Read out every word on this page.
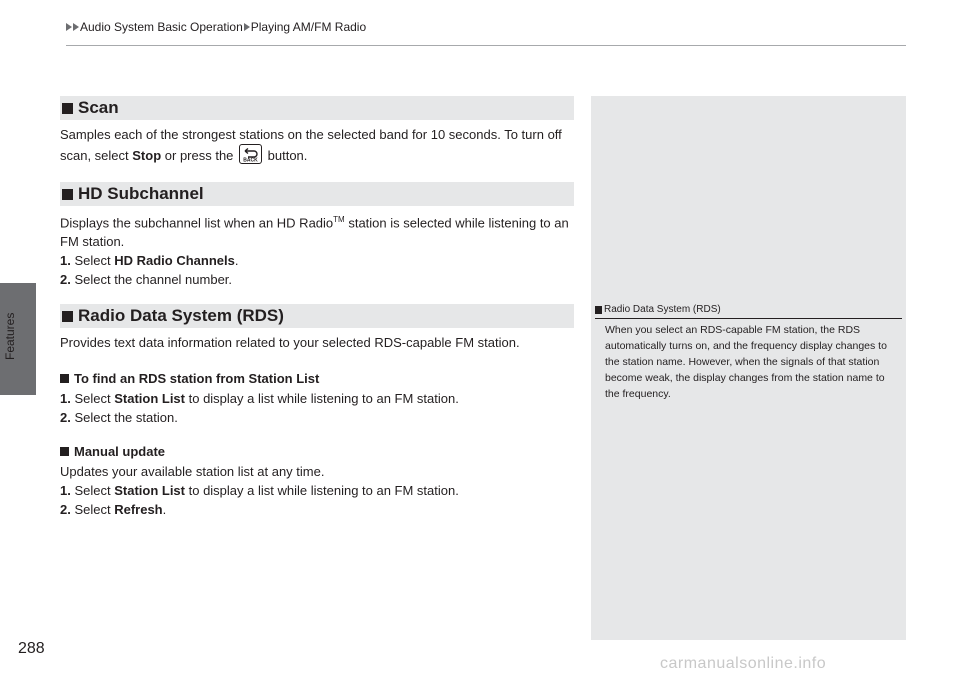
Audio System Basic Operation Playing AM/FM Radio
Features
Scan
Samples each of the strongest stations on the selected band for 10 seconds. To turn off scan, select Stop or press the BACK button.
HD Subchannel
Displays the subchannel list when an HD Radio™ station is selected while listening to an FM station.
1. Select HD Radio Channels.
2. Select the channel number.
Radio Data System (RDS)
Provides text data information related to your selected RDS-capable FM station.
To find an RDS station from Station List
1. Select Station List to display a list while listening to an FM station.
2. Select the station.
Manual update
Updates your available station list at any time.
1. Select Station List to display a list while listening to an FM station.
2. Select Refresh.
Radio Data System (RDS)
When you select an RDS-capable FM station, the RDS automatically turns on, and the frequency display changes to the station name. However, when the signals of that station become weak, the display changes from the station name to the frequency.
288
carmanualsonline.info
